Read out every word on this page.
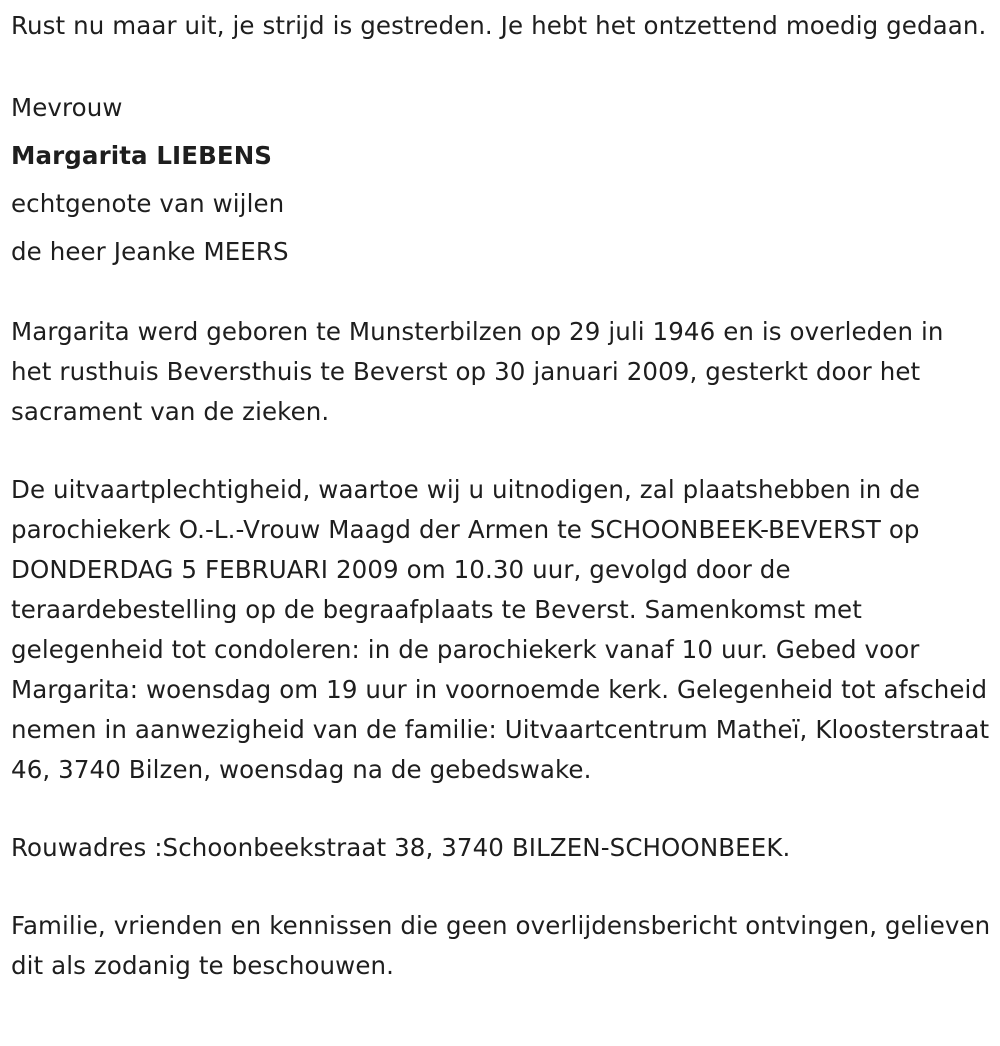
Rust nu maar uit, je strijd is gestreden. Je hebt het ontzettend moedig gedaan.

Mevrouw

Margarita LIEBENS

echtgenote van wijlen

de heer Jeanke MEERS

Margarita werd geboren te Munsterbilzen op 29 juli 1946 en is overleden in het rusthuis Beversthuis te Beverst op 30 januari 2009, gesterkt door het sacrament van de zieken.

De uitvaartplechtigheid, waartoe wij u uitnodigen, zal plaatshebben in de parochiekerk O.-L.-Vrouw Maagd der Armen te SCHOONBEEK-BEVERST op DONDERDAG 5 FEBRUARI 2009 om 10.30 uur, gevolgd door de teraardebestelling op de begraafplaats te Beverst. Samenkomst met gelegenheid tot condoleren: in de parochiekerk vanaf 10 uur. Gebed voor Margarita: woensdag om 19 uur in voornoemde kerk. Gelegenheid tot afscheid nemen in aanwezigheid van de familie: Uitvaartcentrum Matheï, Kloosterstraat 46, 3740 Bilzen, woensdag na de gebedswake.

Rouwadres :Schoonbeekstraat 38, 3740 BILZEN-SCHOONBEEK.

Familie, vrienden en kennissen die geen overlijdensbericht ontvingen, gelieven dit als zodanig te beschouwen.
